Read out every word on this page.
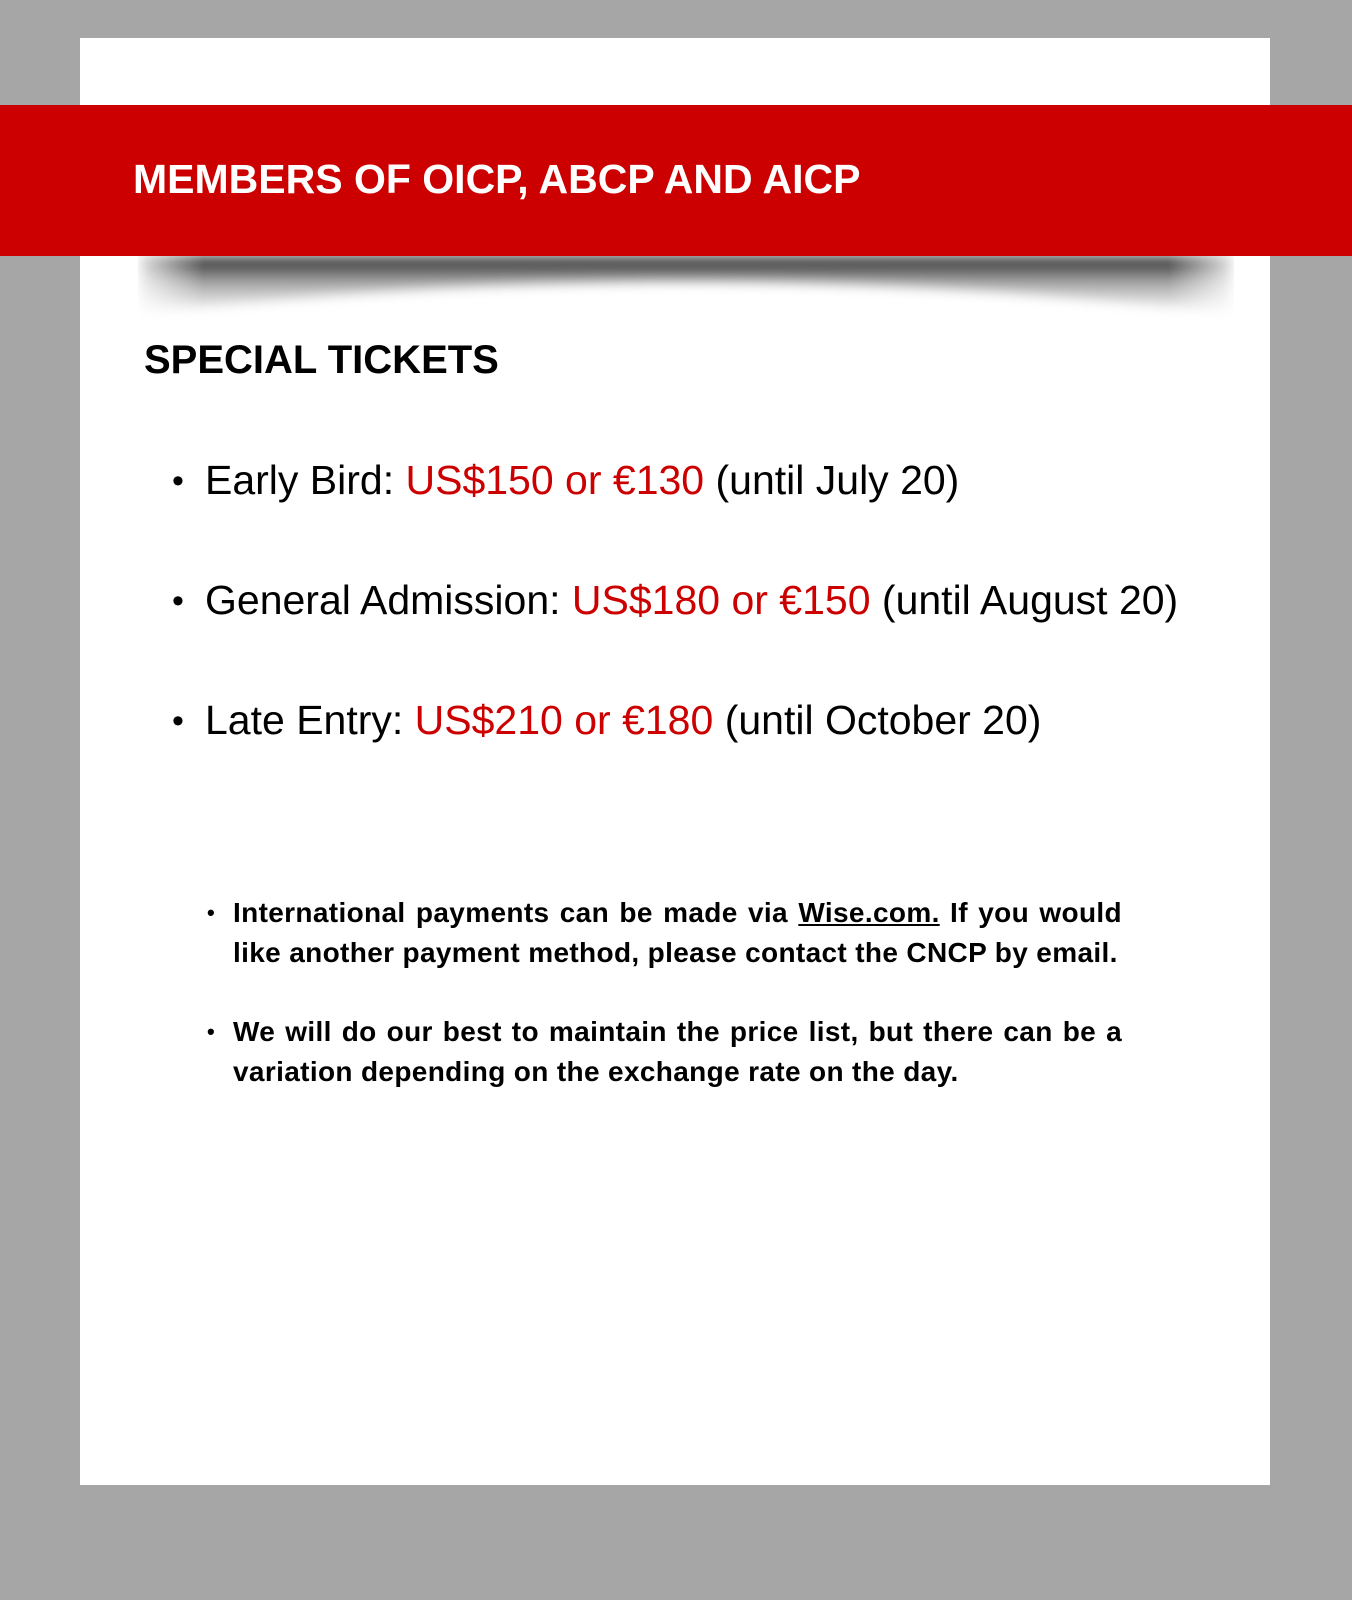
MEMBERS OF OICP, ABCP AND AICP
SPECIAL TICKETS
• Early Bird: US$150 or €130 (until July 20)
• General Admission: US$180 or €150 (until August 20)
• Late Entry: US$210 or €180 (until October 20)
• International payments can be made via Wise.com. If you would like another payment method, please contact the CNCP by email.
• We will do our best to maintain the price list, but there can be a variation depending on the exchange rate on the day.
